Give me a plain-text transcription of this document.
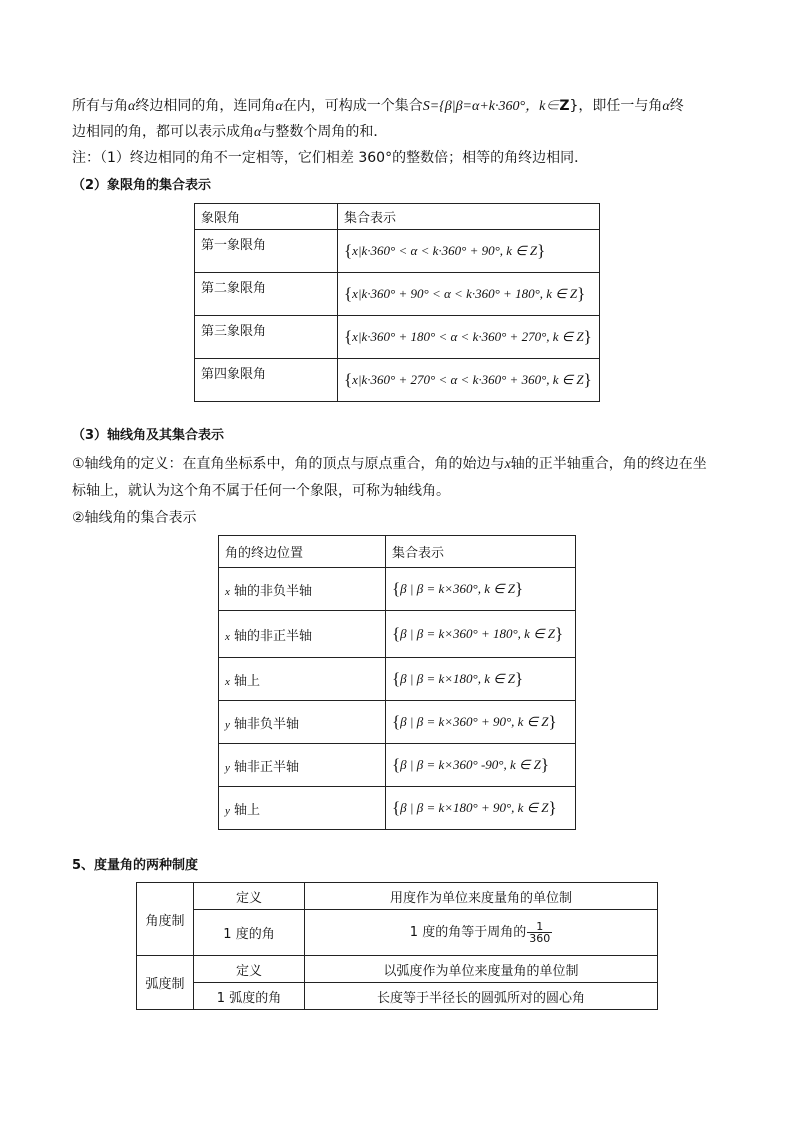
所有与角α终边相同的角，连同角α在内，可构成一个集合S={β|β=α+k·360°，k∈Z}，即任一与角α终
边相同的角，都可以表示成角α与整数个周角的和．
注：（1）终边相同的角不一定相等，它们相差 360°的整数倍；相等的角终边相同．
（2）象限角的集合表示
象限角	集合表示
第一象限角	{x|k·360° < α < k·360° + 90°, k ∈ Z}
第二象限角	{x|k·360° + 90° < α < k·360° + 180°, k ∈ Z}
第三象限角	{x|k·360° + 180° < α < k·360° + 270°, k ∈ Z}
第四象限角	{x|k·360° + 270° < α < k·360° + 360°, k ∈ Z}
（3）轴线角及其集合表示
①轴线角的定义：在直角坐标系中，角的顶点与原点重合，角的始边与x轴的正半轴重合，角的终边在坐
标轴上，就认为这个角不属于任何一个象限，可称为轴线角。
②轴线角的集合表示
角的终边位置	集合表示
x 轴的非负半轴	{β | β = k×360°, k ∈ Z}
x 轴的非正半轴	{β | β = k×360° + 180°, k ∈ Z}
x 轴上	{β | β = k×180°, k ∈ Z}
y 轴非负半轴	{β | β = k×360° + 90°, k ∈ Z}
y 轴非正半轴	{β | β = k×360° -90°, k ∈ Z}
y 轴上	{β | β = k×180° + 90°, k ∈ Z}
5、度量角的两种制度
角度制	定义	用度作为单位来度量角的单位制
	1 度的角	1 度的角等于周角的 $\frac{1}{360}$

弧度制	定义	以弧度作为单位来度量角的单位制
	1 弧度的角	长度等于半径长的圆弧所对的圆心角
